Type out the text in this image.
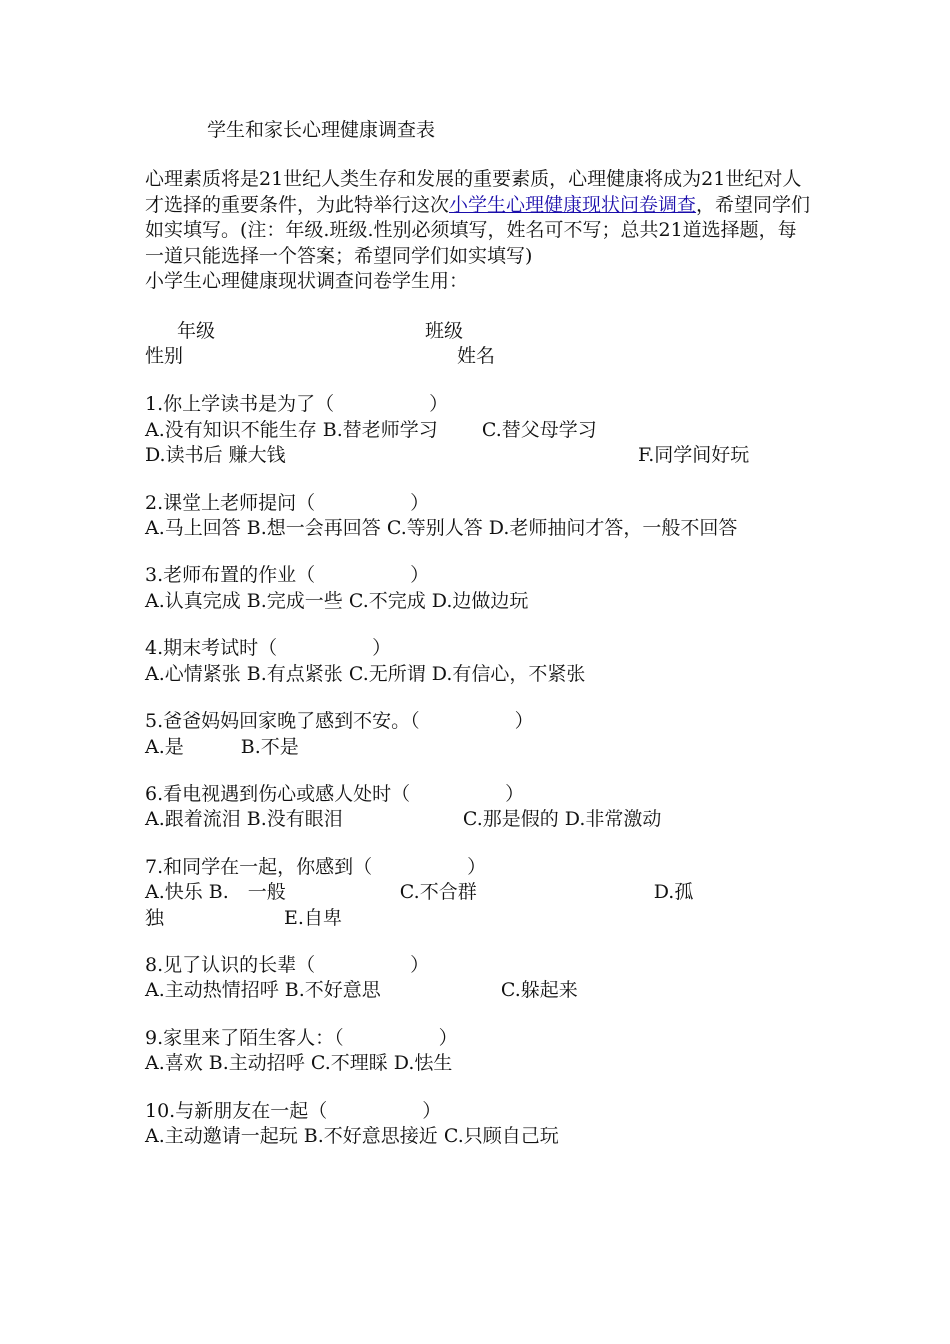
学生和家长心理健康调查表

心理素质将是21世纪人类生存和发展的重要素质，心理健康将成为21世纪对人才选择的重要条件，为此特举行这次小学生心理健康现状问卷调查，希望同学们如实填写。(注：年级.班级.性别必须填写，姓名可不写；总共21道选择题，每一道只能选择一个答案；希望同学们如实填写)

小学生心理健康现状调查问卷学生用：

年级	班级
性别	姓名

1.你上学读书是为了（　　　　　）

A.没有知识不能生存 B.替老师学习　　 C.替父母学习

D.读书后 赚大钱	F.同学间好玩

2.课堂上老师提问（　　　　　）

A.马上回答 B.想一会再回答 C.等别人答 D.老师抽问才答，一般不回答

3.老师布置的作业（　　　　　）

A.认真完成 B.完成一些 C.不完成 D.边做边玩

4.期末考试时（　　　　　）

A.心情紧张 B.有点紧张 C.无所谓 D.有信心，不紧张

5.爸爸妈妈回家晚了感到不安。（　　　　　）

A.是　　　B.不是

6.看电视遇到伤心或感人处时（　　　　　）

A.跟着流泪 B.没有眼泪　　　　　　 C.那是假的 D.非常激动

7.和同学在一起，你感到（　　　　　）

A.快乐 B.　一般　　　　　　C.不合群　　　　　　　　　 D.孤

独　　　　　　 E.自卑

8.见了认识的长辈（　　　　　）

A.主动热情招呼 B.不好意思　　　　　　 C.躲起来

9.家里来了陌生客人：（　　　　　）

A.喜欢 B.主动招呼 C.不理睬 D.怯生

10.与新朋友在一起（　　　　　）

A.主动邀请一起玩 B.不好意思接近 C.只顾自己玩
